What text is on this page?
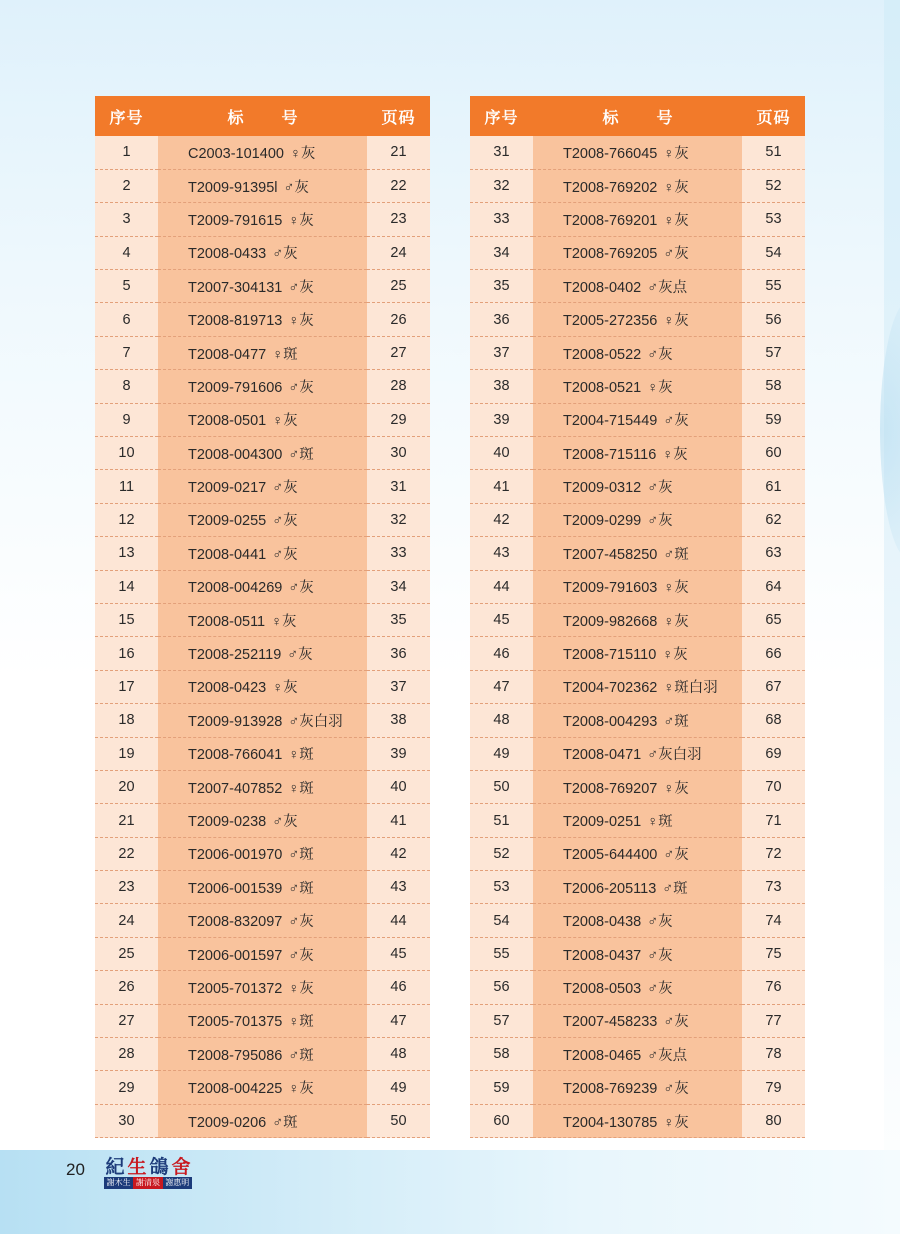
序号	标 号	页码
1	C2003-101400 ♀灰	21
2	T2009-91395l ♂灰	22
3	T2009-791615 ♀灰	23
4	T2008-0433 ♂灰	24
5	T2007-304131 ♂灰	25
6	T2008-819713 ♀灰	26
7	T2008-0477 ♀斑	27
8	T2009-791606 ♂灰	28
9	T2008-0501 ♀灰	29
10	T2008-004300 ♂斑	30
11	T2009-0217 ♂灰	31
12	T2009-0255 ♂灰	32
13	T2008-0441 ♂灰	33
14	T2008-004269 ♂灰	34
15	T2008-0511 ♀灰	35
16	T2008-252119 ♂灰	36
17	T2008-0423 ♀灰	37
18	T2009-913928 ♂灰白羽	38
19	T2008-766041 ♀斑	39
20	T2007-407852 ♀斑	40
21	T2009-0238 ♂灰	41
22	T2006-001970 ♂斑	42
23	T2006-001539 ♂斑	43
24	T2008-832097 ♂灰	44
25	T2006-001597 ♂灰	45
26	T2005-701372 ♀灰	46
27	T2005-701375 ♀斑	47
28	T2008-795086 ♂斑	48
29	T2008-004225 ♀灰	49
30	T2009-0206 ♂斑	50
序号	标 号	页码
31	T2008-766045 ♀灰	51
32	T2008-769202 ♀灰	52
33	T2008-769201 ♀灰	53
34	T2008-769205 ♂灰	54
35	T2008-0402 ♂灰点	55
36	T2005-272356 ♀灰	56
37	T2008-0522 ♂灰	57
38	T2008-0521 ♀灰	58
39	T2004-715449 ♂灰	59
40	T2008-715116 ♀灰	60
41	T2009-0312 ♂灰	61
42	T2009-0299 ♂灰	62
43	T2007-458250 ♂斑	63
44	T2009-791603 ♀灰	64
45	T2009-982668 ♀灰	65
46	T2008-715110 ♀灰	66
47	T2004-702362 ♀斑白羽	67
48	T2008-004293 ♂斑	68
49	T2008-0471 ♂灰白羽	69
50	T2008-769207 ♀灰	70
51	T2009-0251 ♀斑	71
52	T2005-644400 ♂灰	72
53	T2006-205113 ♂斑	73
54	T2008-0438 ♂灰	74
55	T2008-0437 ♂灰	75
56	T2008-0503 ♂灰	76
57	T2007-458233 ♂灰	77
58	T2008-0465 ♂灰点	78
59	T2008-769239 ♂灰	79
60	T2004-130785 ♀灰	80
20 紀 生 鴿 舍
謝木生 謝清泉 謝惠明
